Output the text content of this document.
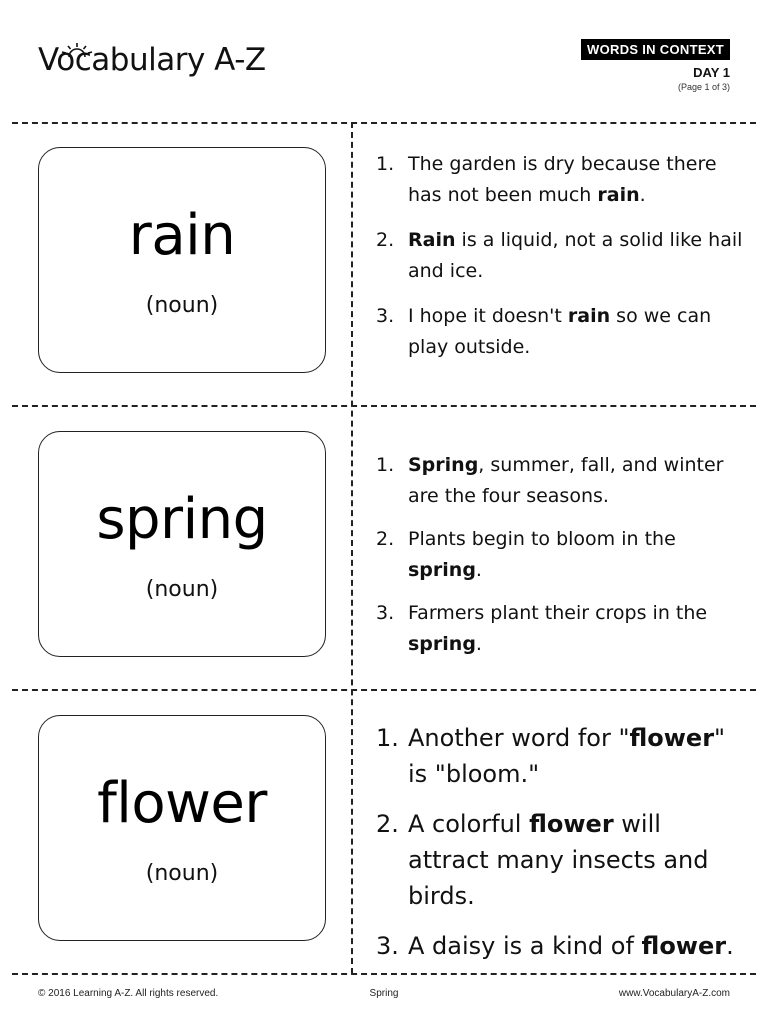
Vocabulary A-Z	WORDS IN CONTEXT
DAY 1
(Page 1 of 3)
rain
(noun)
1. The garden is dry because there has not been much rain.
2. Rain is a liquid, not a solid like hail and ice.
3. I hope it doesn't rain so we can play outside.
spring
(noun)
1. Spring, summer, fall, and winter are the four seasons.
2. Plants begin to bloom in the spring.
3. Farmers plant their crops in the spring.
flower
(noun)
1. Another word for "flower" is "bloom."
2. A colorful flower will attract many insects and birds.
3. A daisy is a kind of flower.
© 2016 Learning A-Z. All rights reserved.	Spring	www.VocabularyA-Z.com
